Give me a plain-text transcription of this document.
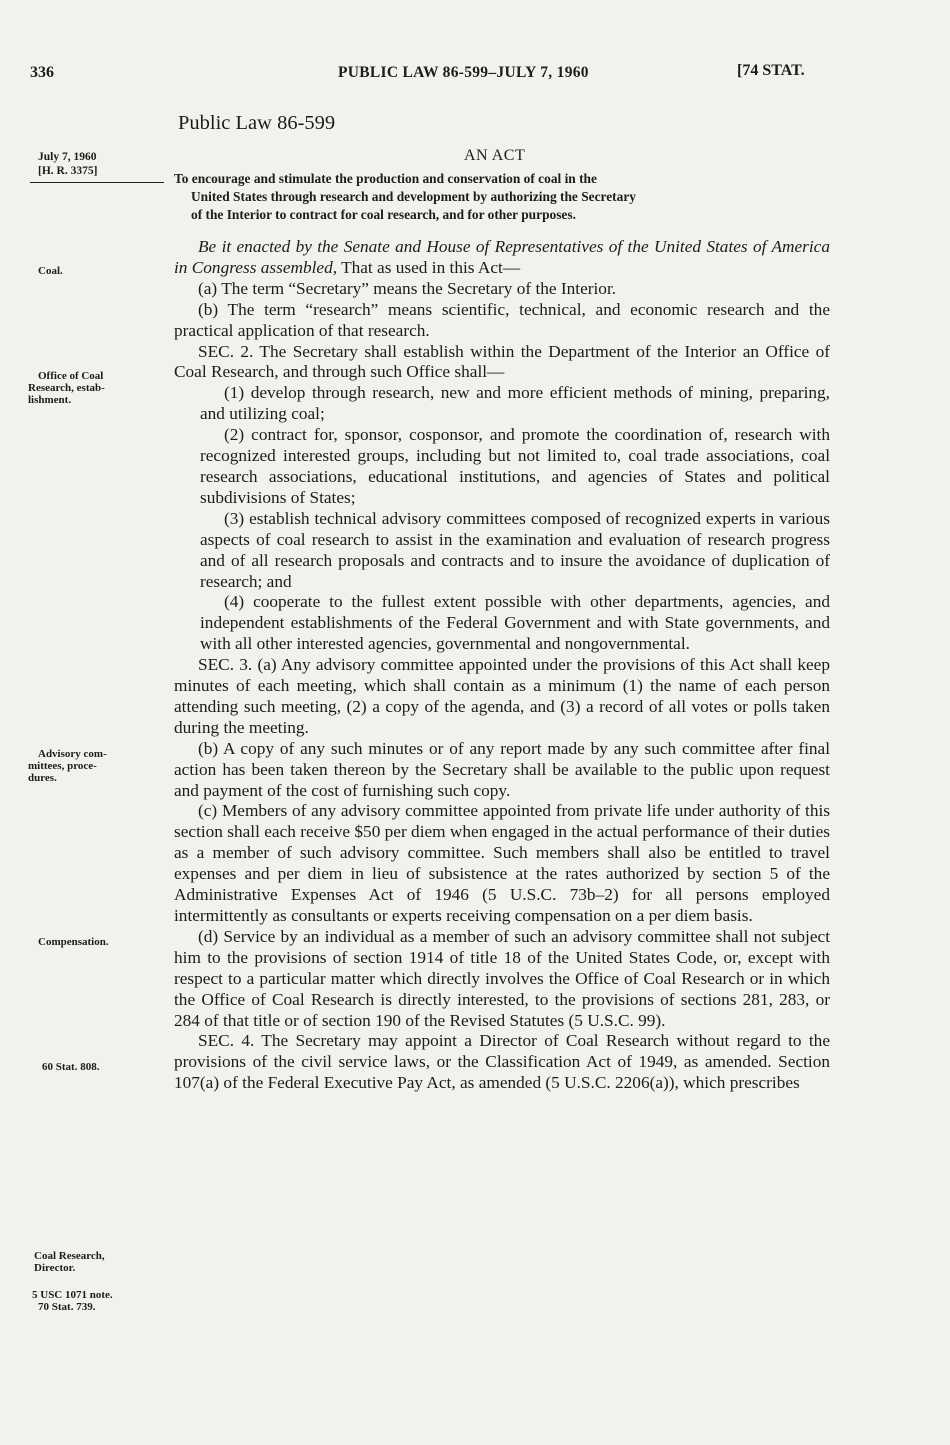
336	PUBLIC LAW 86-599–JULY 7, 1960	[74 STAT.
Public Law 86-599
July 7, 1960
[H. R. 3375]
AN ACT
To encourage and stimulate the production and conservation of coal in the
United States through research and development by authorizing the Secretary
of the Interior to contract for coal research, and for other purposes.
Coal.
Office of Coal
Research, estab-
lishment.
Advisory com-
mittees, proce-
dures.
Compensation.
60 Stat. 808.
Coal Research,
Director.
5 USC 1071 note.
70 Stat. 739.

Be it enacted by the Senate and House of Representatives of the United States of America in Congress assembled, That as used in this Act—

(a) The term “Secretary” means the Secretary of the Interior.

(b) The term “research” means scientific, technical, and economic research and the practical application of that research.

SEC. 2. The Secretary shall establish within the Department of the Interior an Office of Coal Research, and through such Office shall—

(1) develop through research, new and more efficient methods of mining, preparing, and utilizing coal;

(2) contract for, sponsor, cosponsor, and promote the coordination of, research with recognized interested groups, including but not limited to, coal trade associations, coal research associations, educational institutions, and agencies of States and political subdivisions of States;

(3) establish technical advisory committees composed of recognized experts in various aspects of coal research to assist in the examination and evaluation of research progress and of all research proposals and contracts and to insure the avoidance of duplication of research; and

(4) cooperate to the fullest extent possible with other departments, agencies, and independent establishments of the Federal Government and with State governments, and with all other interested agencies, governmental and nongovernmental.

SEC. 3. (a) Any advisory committee appointed under the provisions of this Act shall keep minutes of each meeting, which shall contain as a minimum (1) the name of each person attending such meeting, (2) a copy of the agenda, and (3) a record of all votes or polls taken during the meeting.

(b) A copy of any such minutes or of any report made by any such committee after final action has been taken thereon by the Secretary shall be available to the public upon request and payment of the cost of furnishing such copy.

(c) Members of any advisory committee appointed from private life under authority of this section shall each receive $50 per diem when engaged in the actual performance of their duties as a member of such advisory committee. Such members shall also be entitled to travel expenses and per diem in lieu of subsistence at the rates authorized by section 5 of the Administrative Expenses Act of 1946 (5 U.S.C. 73b–2) for all persons employed intermittently as consultants or experts receiving compensation on a per diem basis.

(d) Service by an individual as a member of such an advisory committee shall not subject him to the provisions of section 1914 of title 18 of the United States Code, or, except with respect to a particular matter which directly involves the Office of Coal Research or in which the Office of Coal Research is directly interested, to the provisions of sections 281, 283, or 284 of that title or of section 190 of the Revised Statutes (5 U.S.C. 99).

SEC. 4. The Secretary may appoint a Director of Coal Research without regard to the provisions of the civil service laws, or the Classification Act of 1949, as amended. Section 107(a) of the Federal Executive Pay Act, as amended (5 U.S.C. 2206(a)), which prescribes
